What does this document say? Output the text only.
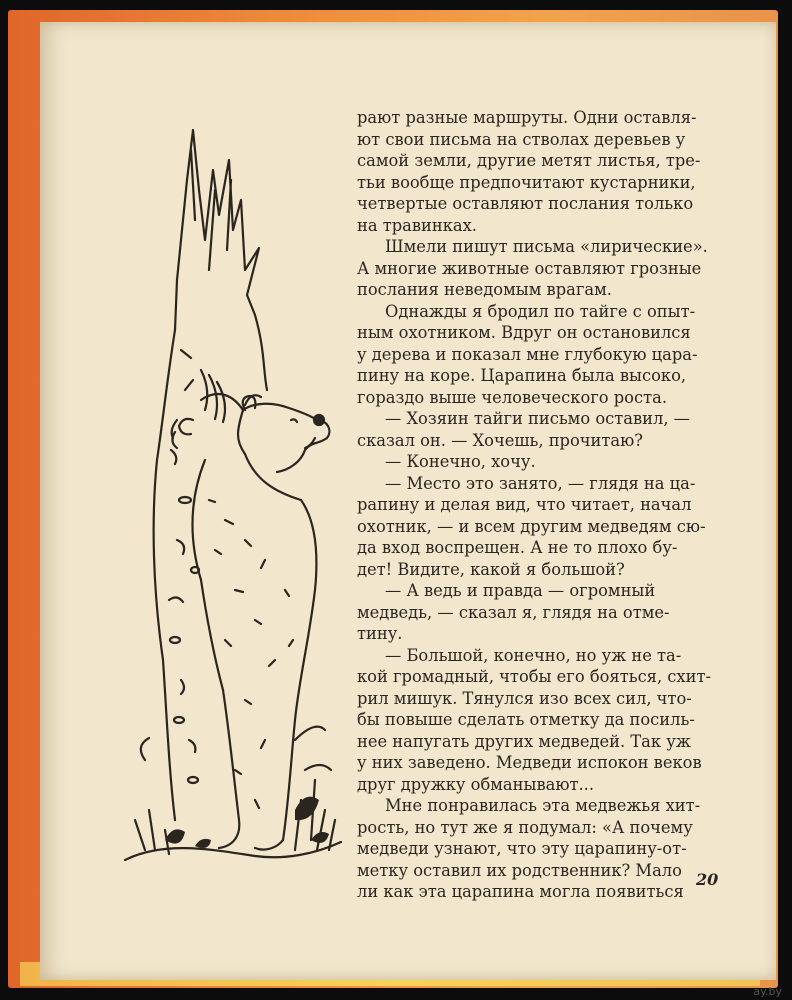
рают разные маршруты. Одни оставля-
ют свои письма на стволах деревьев у
самой земли, другие метят листья, тре-
тьи вообще предпочитают кустарники,
четвертые оставляют послания только
на травинках.
Шмели пишут письма «лирические».
А многие животные оставляют грозные
послания неведомым врагам.
Однажды я бродил по тайге с опыт-
ным охотником. Вдруг он остановился
у дерева и показал мне глубокую цара-
пину на коре. Царапина была высоко,
гораздо выше человеческого роста.
— Хозяин тайги письмо оставил, —
сказал он. — Хочешь, прочитаю?
— Конечно, хочу.
— Место это занято, — глядя на ца-
рапину и делая вид, что читает, начал
охотник, — и всем другим медведям сю-
да вход воспрещен. А не то плохо бу-
дет! Видите, какой я большой?
— А ведь и правда — огромный
медведь, — сказал я, глядя на отме-
тину.
— Большой, конечно, но уж не та-
кой громадный, чтобы его бояться, схит-
рил мишук. Тянулся изо всех сил, что-
бы повыше сделать отметку да посиль-
нее напугать других медведей. Так уж
у них заведено. Медведи испокон веков
друг дружку обманывают...
Мне понравилась эта медвежья хит-
рость, но тут же я подумал: «А почему
медведи узнают, что эту царапину-от-
метку оставил их родственник? Мало
ли как эта царапина могла появиться
20
ay.by
